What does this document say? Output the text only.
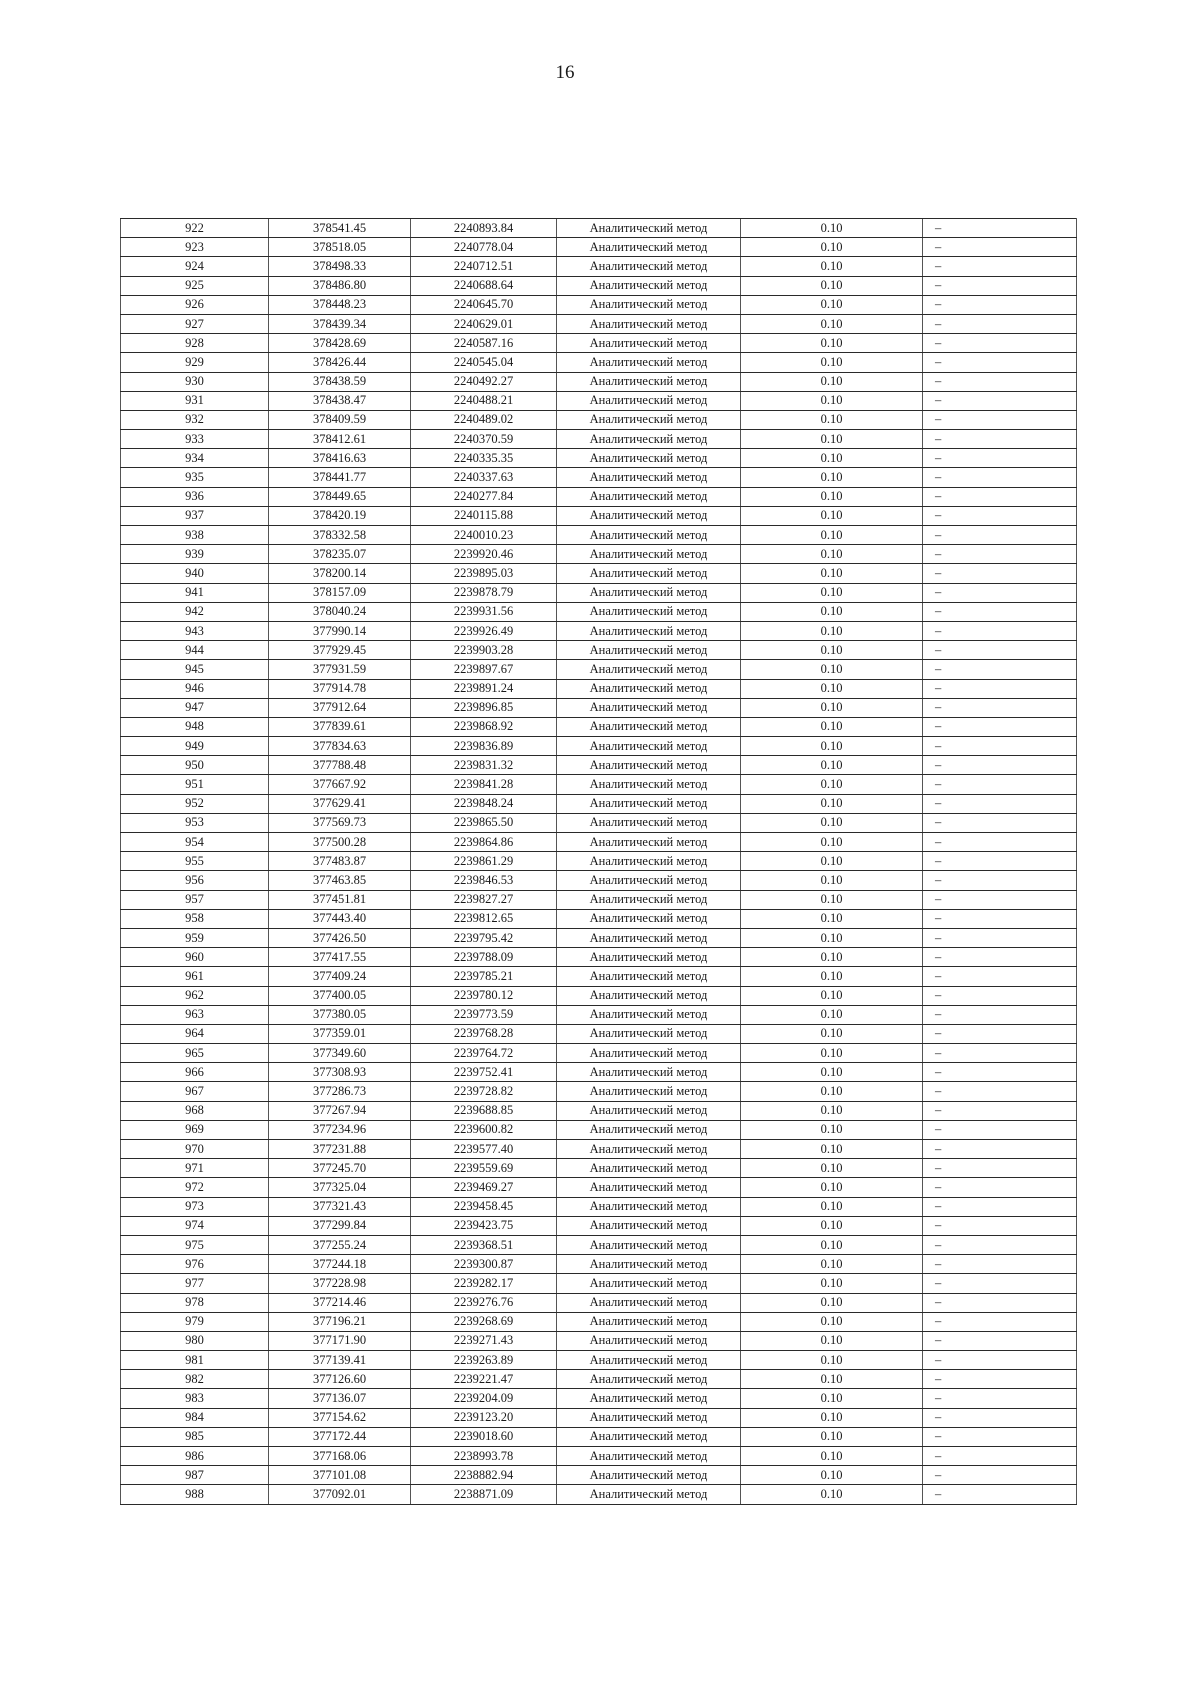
16
922	378541.45	2240893.84	Аналитический метод	0.10	–
923	378518.05	2240778.04	Аналитический метод	0.10	–
924	378498.33	2240712.51	Аналитический метод	0.10	–
925	378486.80	2240688.64	Аналитический метод	0.10	–
926	378448.23	2240645.70	Аналитический метод	0.10	–
927	378439.34	2240629.01	Аналитический метод	0.10	–
928	378428.69	2240587.16	Аналитический метод	0.10	–
929	378426.44	2240545.04	Аналитический метод	0.10	–
930	378438.59	2240492.27	Аналитический метод	0.10	–
931	378438.47	2240488.21	Аналитический метод	0.10	–
932	378409.59	2240489.02	Аналитический метод	0.10	–
933	378412.61	2240370.59	Аналитический метод	0.10	–
934	378416.63	2240335.35	Аналитический метод	0.10	–
935	378441.77	2240337.63	Аналитический метод	0.10	–
936	378449.65	2240277.84	Аналитический метод	0.10	–
937	378420.19	2240115.88	Аналитический метод	0.10	–
938	378332.58	2240010.23	Аналитический метод	0.10	–
939	378235.07	2239920.46	Аналитический метод	0.10	–
940	378200.14	2239895.03	Аналитический метод	0.10	–
941	378157.09	2239878.79	Аналитический метод	0.10	–
942	378040.24	2239931.56	Аналитический метод	0.10	–
943	377990.14	2239926.49	Аналитический метод	0.10	–
944	377929.45	2239903.28	Аналитический метод	0.10	–
945	377931.59	2239897.67	Аналитический метод	0.10	–
946	377914.78	2239891.24	Аналитический метод	0.10	–
947	377912.64	2239896.85	Аналитический метод	0.10	–
948	377839.61	2239868.92	Аналитический метод	0.10	–
949	377834.63	2239836.89	Аналитический метод	0.10	–
950	377788.48	2239831.32	Аналитический метод	0.10	–
951	377667.92	2239841.28	Аналитический метод	0.10	–
952	377629.41	2239848.24	Аналитический метод	0.10	–
953	377569.73	2239865.50	Аналитический метод	0.10	–
954	377500.28	2239864.86	Аналитический метод	0.10	–
955	377483.87	2239861.29	Аналитический метод	0.10	–
956	377463.85	2239846.53	Аналитический метод	0.10	–
957	377451.81	2239827.27	Аналитический метод	0.10	–
958	377443.40	2239812.65	Аналитический метод	0.10	–
959	377426.50	2239795.42	Аналитический метод	0.10	–
960	377417.55	2239788.09	Аналитический метод	0.10	–
961	377409.24	2239785.21	Аналитический метод	0.10	–
962	377400.05	2239780.12	Аналитический метод	0.10	–
963	377380.05	2239773.59	Аналитический метод	0.10	–
964	377359.01	2239768.28	Аналитический метод	0.10	–
965	377349.60	2239764.72	Аналитический метод	0.10	–
966	377308.93	2239752.41	Аналитический метод	0.10	–
967	377286.73	2239728.82	Аналитический метод	0.10	–
968	377267.94	2239688.85	Аналитический метод	0.10	–
969	377234.96	2239600.82	Аналитический метод	0.10	–
970	377231.88	2239577.40	Аналитический метод	0.10	–
971	377245.70	2239559.69	Аналитический метод	0.10	–
972	377325.04	2239469.27	Аналитический метод	0.10	–
973	377321.43	2239458.45	Аналитический метод	0.10	–
974	377299.84	2239423.75	Аналитический метод	0.10	–
975	377255.24	2239368.51	Аналитический метод	0.10	–
976	377244.18	2239300.87	Аналитический метод	0.10	–
977	377228.98	2239282.17	Аналитический метод	0.10	–
978	377214.46	2239276.76	Аналитический метод	0.10	–
979	377196.21	2239268.69	Аналитический метод	0.10	–
980	377171.90	2239271.43	Аналитический метод	0.10	–
981	377139.41	2239263.89	Аналитический метод	0.10	–
982	377126.60	2239221.47	Аналитический метод	0.10	–
983	377136.07	2239204.09	Аналитический метод	0.10	–
984	377154.62	2239123.20	Аналитический метод	0.10	–
985	377172.44	2239018.60	Аналитический метод	0.10	–
986	377168.06	2238993.78	Аналитический метод	0.10	–
987	377101.08	2238882.94	Аналитический метод	0.10	–
988	377092.01	2238871.09	Аналитический метод	0.10	–
